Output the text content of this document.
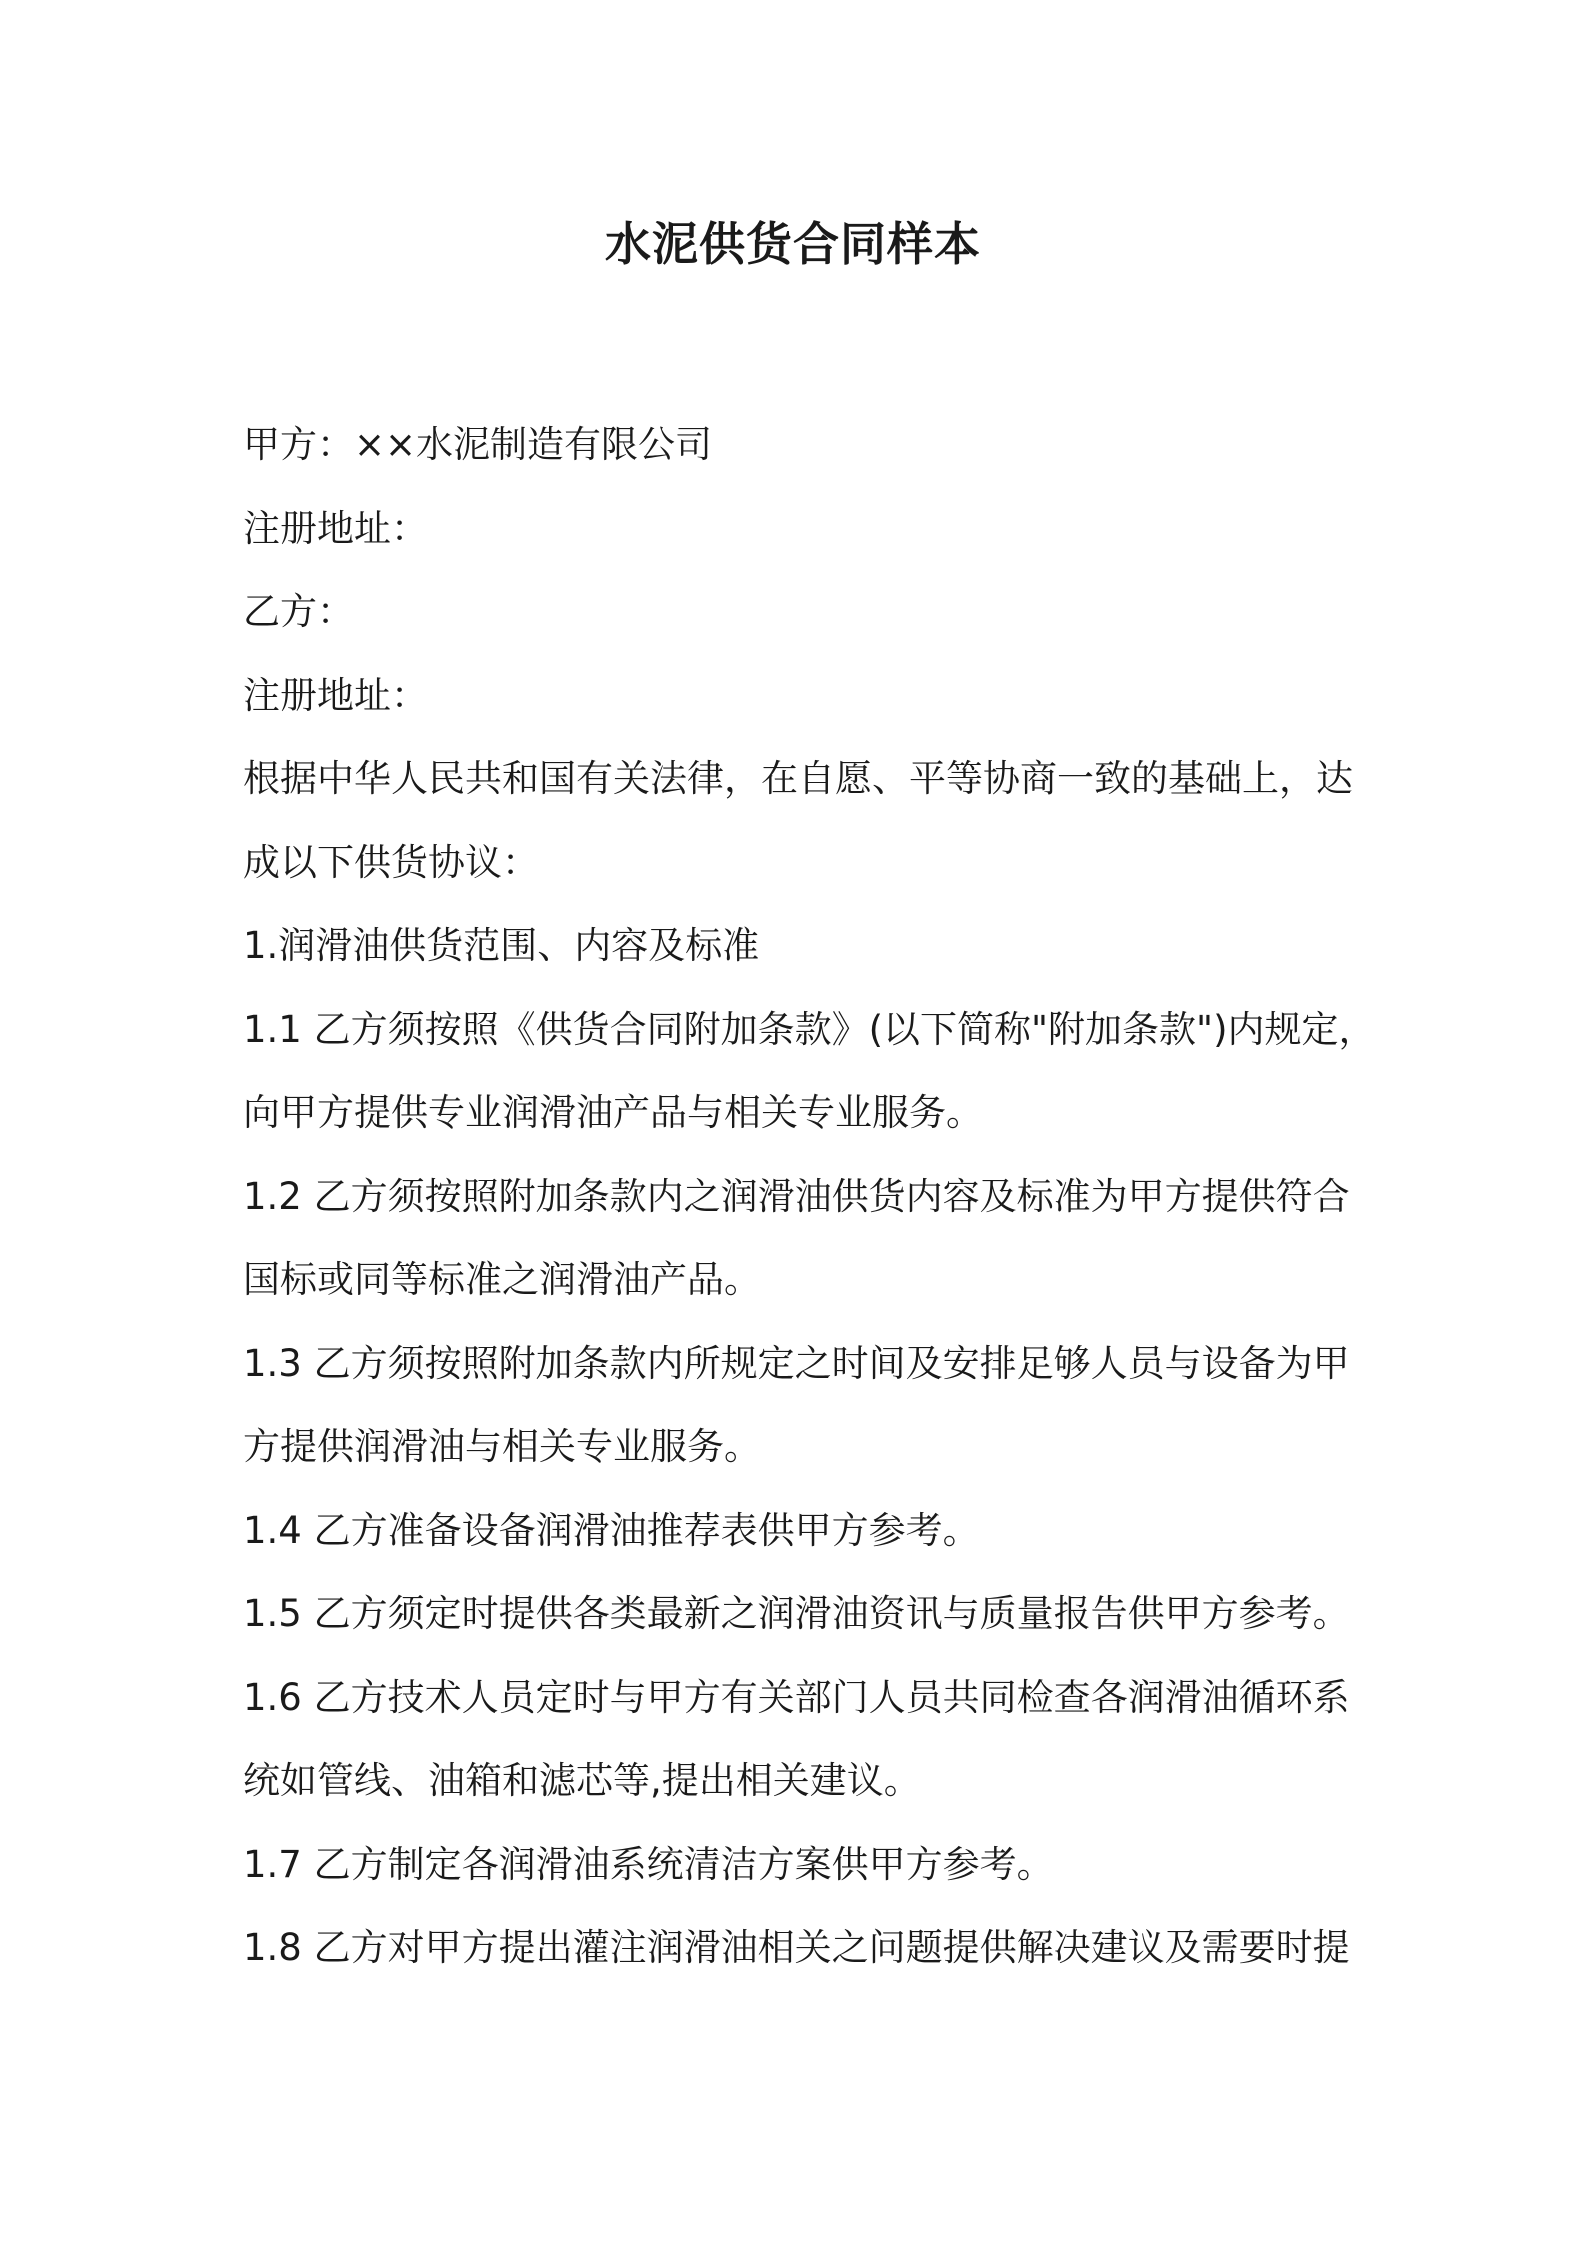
水泥供货合同样本
甲方：××水泥制造有限公司
注册地址：
乙方：
注册地址：
根据中华人民共和国有关法律，在自愿、平等协商一致的基础上，达
成以下供货协议：
1.润滑油供货范围、内容及标准
1.1 乙方须按照《供货合同附加条款》(以下简称"附加条款")内规定，
向甲方提供专业润滑油产品与相关专业服务。
1.2 乙方须按照附加条款内之润滑油供货内容及标准为甲方提供符合
国标或同等标准之润滑油产品。
1.3 乙方须按照附加条款内所规定之时间及安排足够人员与设备为甲
方提供润滑油与相关专业服务。
1.4 乙方准备设备润滑油推荐表供甲方参考。
1.5 乙方须定时提供各类最新之润滑油资讯与质量报告供甲方参考。
1.6 乙方技术人员定时与甲方有关部门人员共同检查各润滑油循环系
统如管线、油箱和滤芯等,提出相关建议。
1.7 乙方制定各润滑油系统清洁方案供甲方参考。
1.8 乙方对甲方提出灌注润滑油相关之问题提供解决建议及需要时提
